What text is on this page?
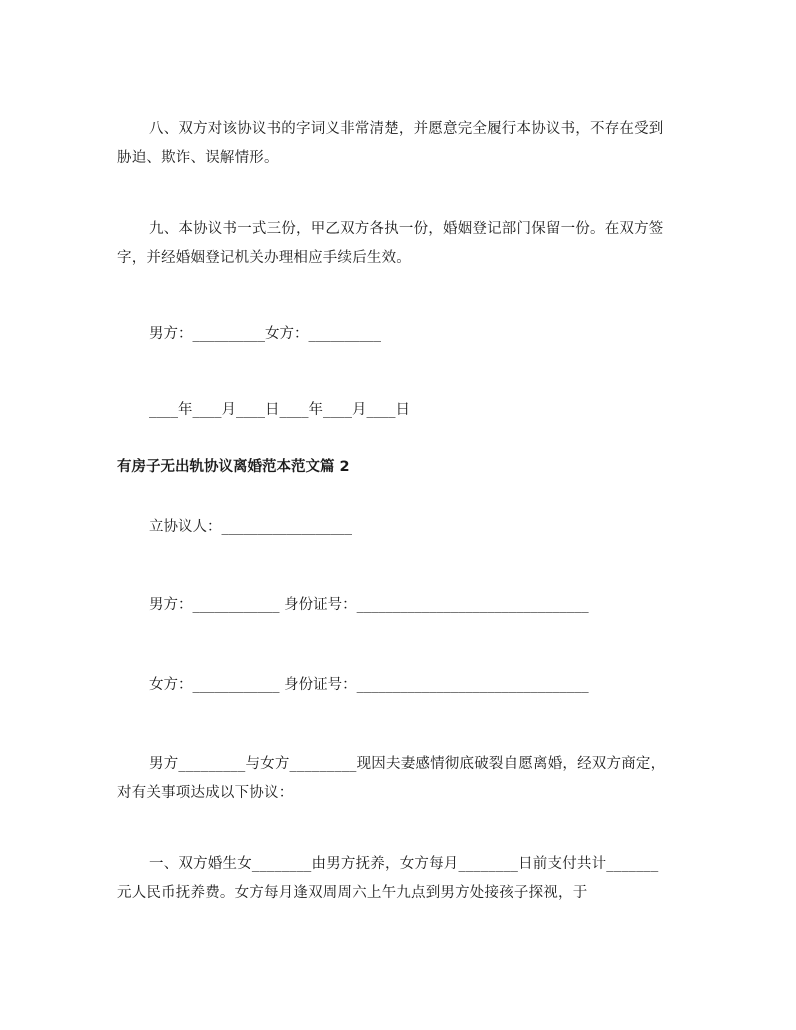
八、双方对该协议书的字词义非常清楚，并愿意完全履行本协议书，不存在受到胁迫、欺诈、误解情形。

九、本协议书一式三份，甲乙双方各执一份，婚姻登记部门保留一份。在双方签字，并经婚姻登记机关办理相应手续后生效。

男方：__________女方：__________

____年____月____日____年____月____日

有房子无出轨协议离婚范本范文篇 2

立协议人：__________________

男方：____________ 身份证号：________________________________

女方：____________ 身份证号：________________________________

男方_________与女方_________现因夫妻感情彻底破裂自愿离婚，经双方商定，对有关事项达成以下协议：

一、双方婚生女________由男方抚养，女方每月________日前支付共计_______元人民币抚养费。女方每月逢双周周六上午九点到男方处接孩子探视，于
